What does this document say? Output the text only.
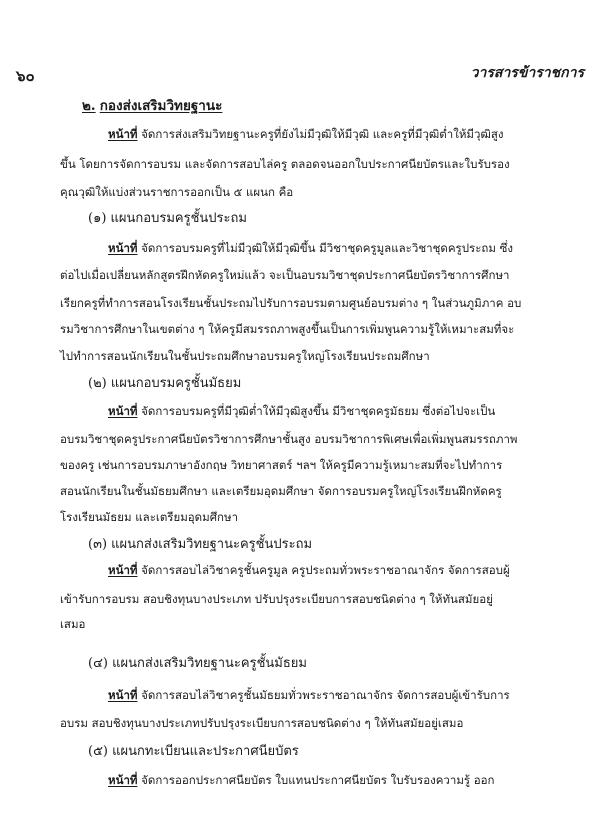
๖๐	วารสารข้าราชการ
๒. กองส่งเสริมวิทยฐานะ
หน้าที่ จัดการส่งเสริมวิทยฐานะครูที่ยังไม่มีวุฒิให้มีวุฒิ และครูที่มีวุฒิต่ำให้มีวุฒิสูง
ขึ้น โดยการจัดการอบรม และจัดการสอบไล่ครู ตลอดจนออกใบประกาศนียบัตรและใบรับรอง
คุณวุฒิให้แบ่งส่วนราชการออกเป็น ๕ แผนก คือ
(๑) แผนกอบรมครูชั้นประถม
หน้าที่ จัดการอบรมครูที่ไม่มีวุฒิให้มีวุฒิขึ้น มีวิชาชุดครูมูลและวิชาชุดครูประถม ซึ่ง
ต่อไปเมื่อเปลี่ยนหลักสูตรฝึกหัดครูใหม่แล้ว จะเป็นอบรมวิชาชุดประกาศนียบัตรวิชาการศึกษา
เรียกครูที่ทำการสอนโรงเรียนชั้นประถมไปรับการอบรมตามศูนย์อบรมต่าง ๆ ในส่วนภูมิภาค อบ
รมวิชาการศึกษาในเขตต่าง ๆ ให้ครูมีสมรรถภาพสูงขึ้นเป็นการเพิ่มพูนความรู้ให้เหมาะสมที่จะ
ไปทำการสอนนักเรียนในชั้นประถมศึกษาอบรมครูใหญ่โรงเรียนประถมศึกษา
(๒) แผนกอบรมครูชั้นมัธยม
หน้าที่ จัดการอบรมครูที่มีวุฒิต่ำให้มีวุฒิสูงขึ้น มีวิชาชุดครูมัธยม ซึ่งต่อไปจะเป็น
อบรมวิชาชุดครูประกาศนียบัตรวิชาการศึกษาชั้นสูง อบรมวิชาการพิเศษเพื่อเพิ่มพูนสมรรถภาพ
ของครู เช่นการอบรมภาษาอังกฤษ วิทยาศาสตร์ ฯลฯ ให้ครูมีความรู้เหมาะสมที่จะไปทำการ
สอนนักเรียนในชั้นมัธยมศึกษา และเตรียมอุดมศึกษา จัดการอบรมครูใหญ่โรงเรียนฝึกหัดครู
โรงเรียนมัธยม และเตรียมอุดมศึกษา
(๓) แผนกส่งเสริมวิทยฐานะครูชั้นประถม
หน้าที่ จัดการสอบไล่วิชาครูชั้นครูมูล ครูประถมทั่วพระราชอาณาจักร จัดการสอบผู้
เข้ารับการอบรม สอบชิงทุนบางประเภท ปรับปรุงระเบียบการสอบชนิดต่าง ๆ ให้ทันสมัยอยู่
เสมอ
(๔) แผนกส่งเสริมวิทยฐานะครูชั้นมัธยม
หน้าที่ จัดการสอบไล่วิชาครูชั้นมัธยมทั่วพระราชอาณาจักร จัดการสอบผู้เข้ารับการ
อบรม สอบชิงทุนบางประเภทปรับปรุงระเบียบการสอบชนิดต่าง ๆ ให้ทันสมัยอยู่เสมอ
(๕) แผนกทะเบียนและประกาศนียบัตร
หน้าที่ จัดการออกประกาศนียบัตร ใบแทนประกาศนียบัตร ใบรับรองความรู้ ออก
